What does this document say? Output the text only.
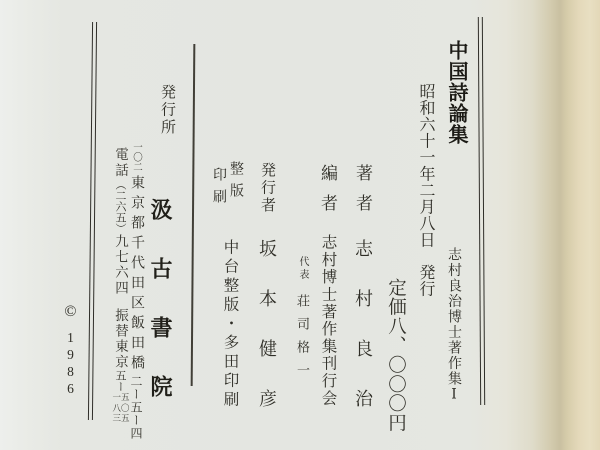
中国詩論集
志村良治博士著作集Ⅰ
昭和六十一年二月八日発行
定価八、〇〇〇円
著者
志村良治
編者
志村博士著作集刊行会
代表荘司格一
発行者
坂本健彦
整版
印刷
中台整版・多田印刷
発行所
汲古書院
一〇二東京都千代田区飯田橋二ー五ー四
電話︵二六五︶九七六四振替東京五ー一五八〇三五
©1986
